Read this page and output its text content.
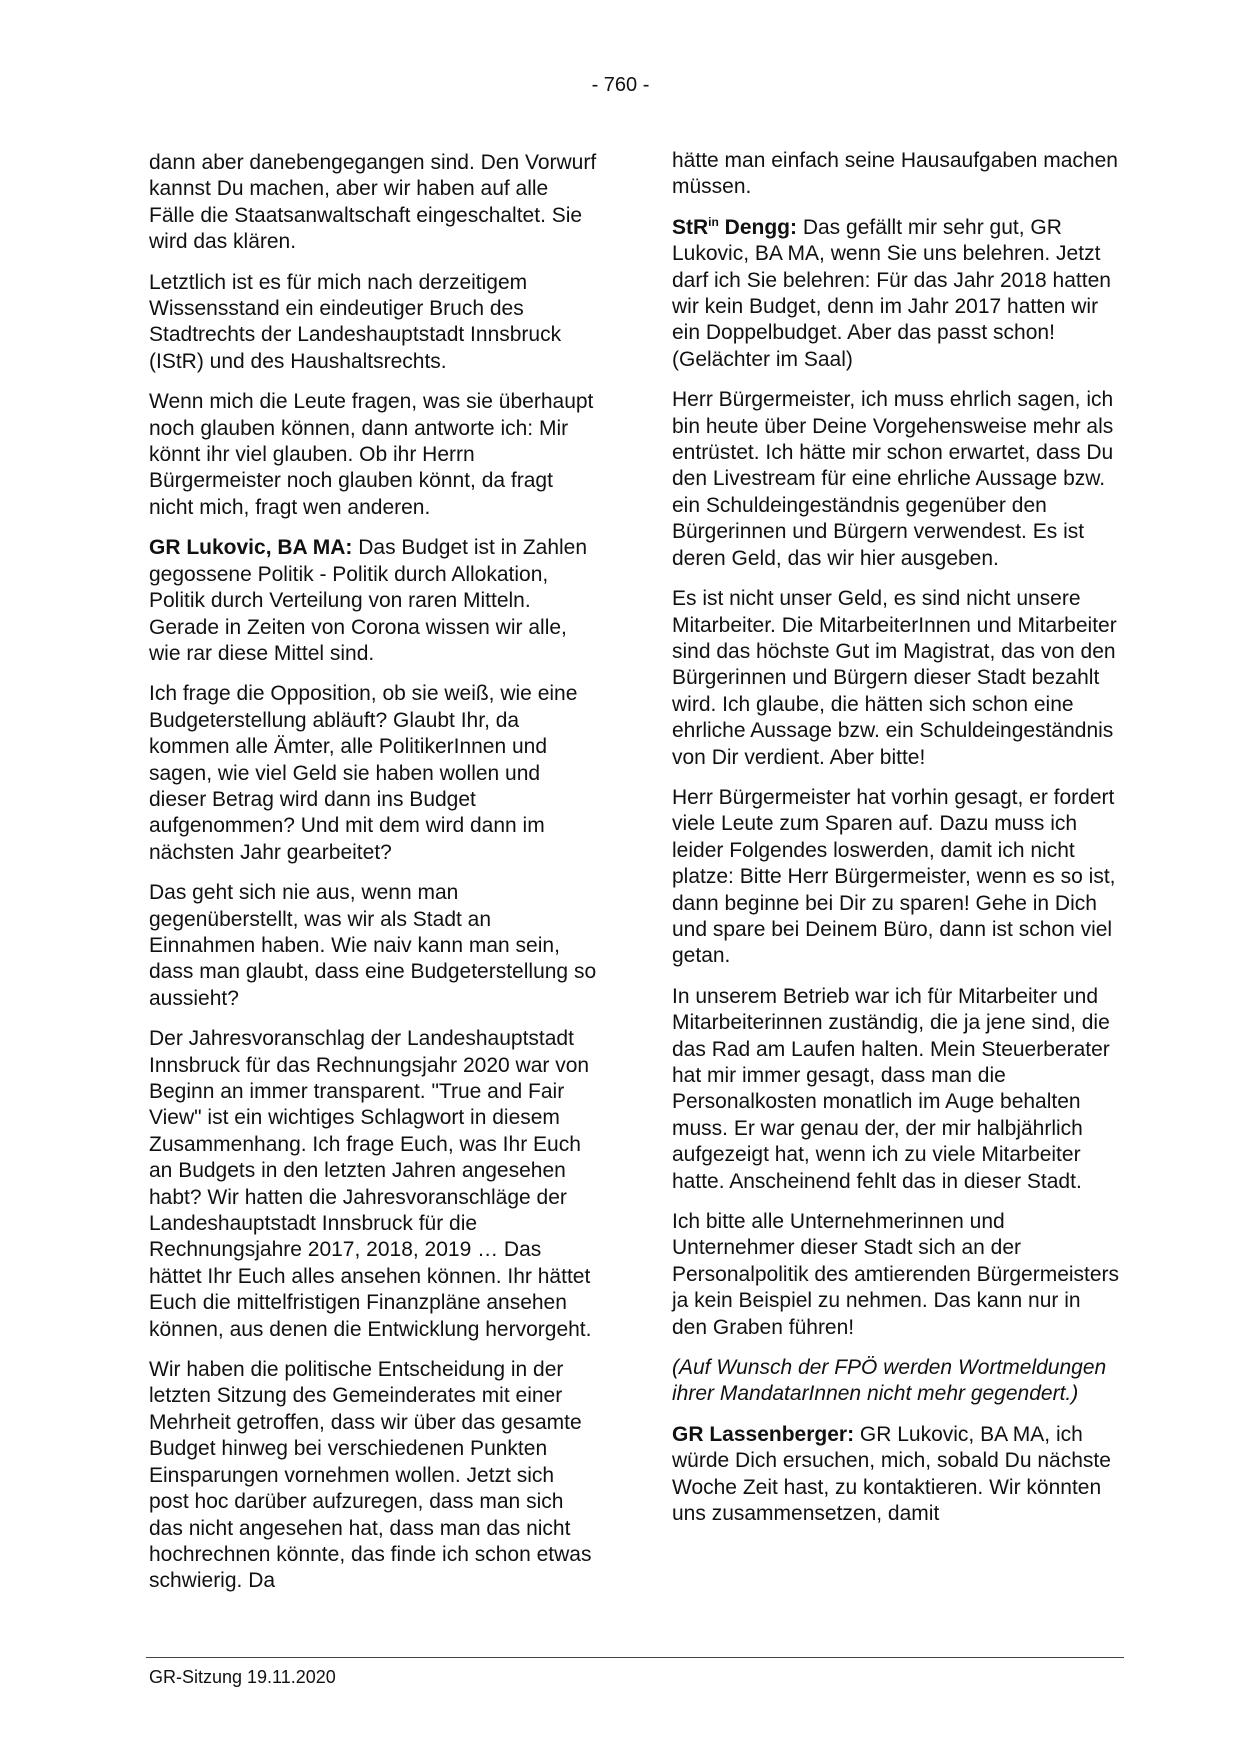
- 760 -

dann aber danebengegangen sind. Den Vorwurf kannst Du machen, aber wir haben auf alle Fälle die Staatsanwaltschaft eingeschaltet. Sie wird das klären.

Letztlich ist es für mich nach derzeitigem Wissensstand ein eindeutiger Bruch des Stadtrechts der Landeshauptstadt Innsbruck (IStR) und des Haushaltsrechts.

Wenn mich die Leute fragen, was sie überhaupt noch glauben können, dann antworte ich: Mir könnt ihr viel glauben. Ob ihr Herrn Bürgermeister noch glauben könnt, da fragt nicht mich, fragt wen anderen.

GR Lukovic, BA MA: Das Budget ist in Zahlen gegossene Politik - Politik durch Allokation, Politik durch Verteilung von raren Mitteln. Gerade in Zeiten von Corona wissen wir alle, wie rar diese Mittel sind.

Ich frage die Opposition, ob sie weiß, wie eine Budgeterstellung abläuft? Glaubt Ihr, da kommen alle Ämter, alle PolitikerInnen und sagen, wie viel Geld sie haben wollen und dieser Betrag wird dann ins Budget aufgenommen? Und mit dem wird dann im nächsten Jahr gearbeitet?

Das geht sich nie aus, wenn man gegenüberstellt, was wir als Stadt an Einnahmen haben. Wie naiv kann man sein, dass man glaubt, dass eine Budgeterstellung so aussieht?

Der Jahresvoranschlag der Landeshauptstadt Innsbruck für das Rechnungsjahr 2020 war von Beginn an immer transparent. "True and Fair View" ist ein wichtiges Schlagwort in diesem Zusammenhang. Ich frage Euch, was Ihr Euch an Budgets in den letzten Jahren angesehen habt? Wir hatten die Jahresvoranschläge der Landeshauptstadt Innsbruck für die Rechnungsjahre 2017, 2018, 2019 … Das hättet Ihr Euch alles ansehen können. Ihr hättet Euch die mittelfristigen Finanzpläne ansehen können, aus denen die Entwicklung hervorgeht.

Wir haben die politische Entscheidung in der letzten Sitzung des Gemeinderates mit einer Mehrheit getroffen, dass wir über das gesamte Budget hinweg bei verschiedenen Punkten Einsparungen vornehmen wollen. Jetzt sich post hoc darüber aufzuregen, dass man sich das nicht angesehen hat, dass man das nicht hochrechnen könnte, das finde ich schon etwas schwierig. Da

hätte man einfach seine Hausaufgaben machen müssen.

StR$^{in}$ Dengg: Das gefällt mir sehr gut, GR Lukovic, BA MA, wenn Sie uns belehren. Jetzt darf ich Sie belehren: Für das Jahr 2018 hatten wir kein Budget, denn im Jahr 2017 hatten wir ein Doppelbudget. Aber das passt schon! (Gelächter im Saal)

Herr Bürgermeister, ich muss ehrlich sagen, ich bin heute über Deine Vorgehensweise mehr als entrüstet. Ich hätte mir schon erwartet, dass Du den Livestream für eine ehrliche Aussage bzw. ein Schuldeingeständnis gegenüber den Bürgerinnen und Bürgern verwendest. Es ist deren Geld, das wir hier ausgeben.

Es ist nicht unser Geld, es sind nicht unsere Mitarbeiter. Die MitarbeiterInnen und Mitarbeiter sind das höchste Gut im Magistrat, das von den Bürgerinnen und Bürgern dieser Stadt bezahlt wird. Ich glaube, die hätten sich schon eine ehrliche Aussage bzw. ein Schuldeingeständnis von Dir verdient. Aber bitte!

Herr Bürgermeister hat vorhin gesagt, er fordert viele Leute zum Sparen auf. Dazu muss ich leider Folgendes loswerden, damit ich nicht platze: Bitte Herr Bürgermeister, wenn es so ist, dann beginne bei Dir zu sparen! Gehe in Dich und spare bei Deinem Büro, dann ist schon viel getan.

In unserem Betrieb war ich für Mitarbeiter und Mitarbeiterinnen zuständig, die ja jene sind, die das Rad am Laufen halten. Mein Steuerberater hat mir immer gesagt, dass man die Personalkosten monatlich im Auge behalten muss. Er war genau der, der mir halbjährlich aufgezeigt hat, wenn ich zu viele Mitarbeiter hatte. Anscheinend fehlt das in dieser Stadt.

Ich bitte alle Unternehmerinnen und Unternehmer dieser Stadt sich an der Personalpolitik des amtierenden Bürgermeisters ja kein Beispiel zu nehmen. Das kann nur in den Graben führen!

(Auf Wunsch der FPÖ werden Wortmeldungen ihrer MandatarInnen nicht mehr gegendert.)

GR Lassenberger: GR Lukovic, BA MA, ich würde Dich ersuchen, mich, sobald Du nächste Woche Zeit hast, zu kontaktieren. Wir könnten uns zusammensetzen, damit

GR-Sitzung 19.11.2020
